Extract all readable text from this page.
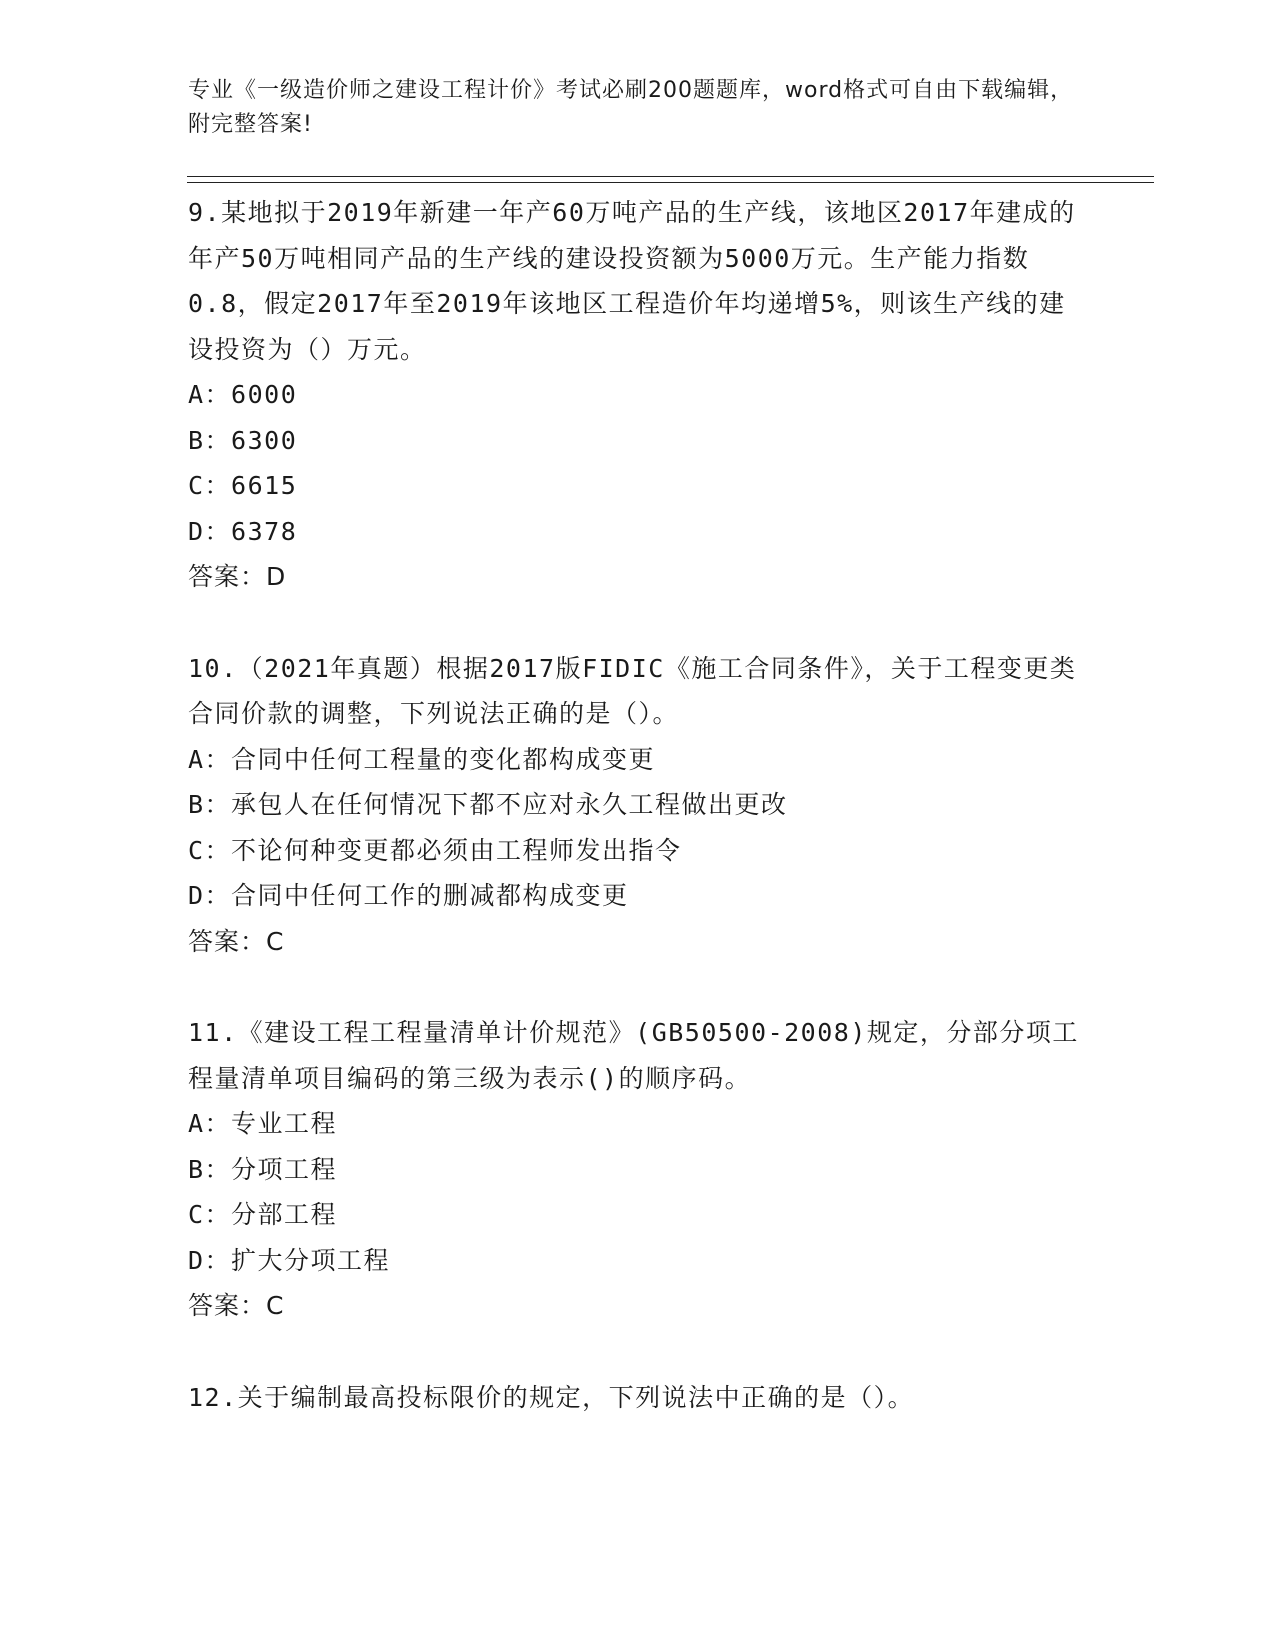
专业《一级造价师之建设工程计价》考试必刷200题题库，word格式可自由下载编辑，附完整答案!

9.某地拟于2019年新建一年产60万吨产品的生产线，该地区2017年建成的年产50万吨相同产品的生产线的建设投资额为5000万元。生产能力指数0.8，假定2017年至2019年该地区工程造价年均递增5%，则该生产线的建设投资为（）万元。

A：6000

B：6300

C：6615

D：6378

答案：D

10.（2021年真题）根据2017版FIDIC《施工合同条件》，关于工程变更类合同价款的调整，下列说法正确的是（）。

A：合同中任何工程量的变化都构成变更

B：承包人在任何情况下都不应对永久工程做出更改

C：不论何种变更都必须由工程师发出指令

D：合同中任何工作的删减都构成变更

答案：C

11.《建设工程工程量清单计价规范》(GB50500-2008)规定，分部分项工程量清单项目编码的第三级为表示()的顺序码。

A：专业工程

B：分项工程

C：分部工程

D：扩大分项工程

答案：C

12.关于编制最高投标限价的规定，下列说法中正确的是（）。
